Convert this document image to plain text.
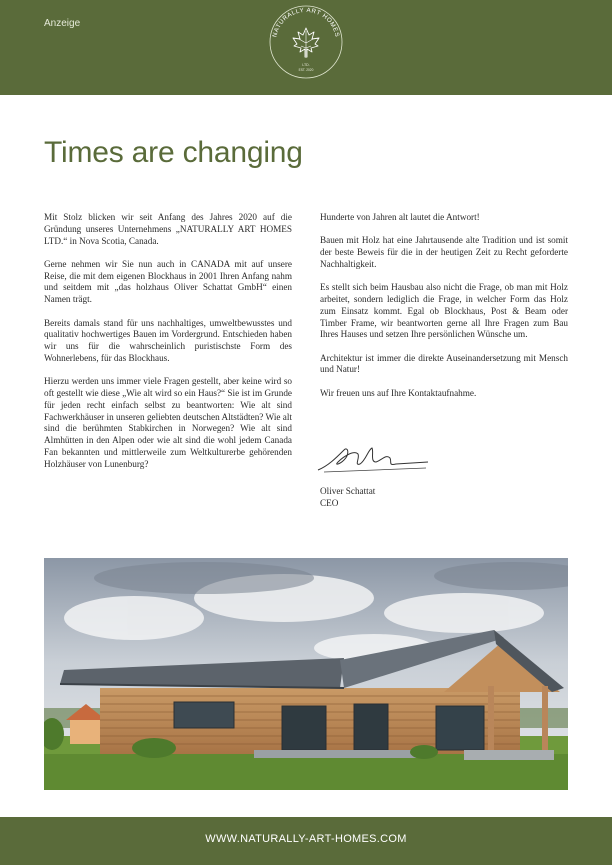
Anzeige
NATURALLY ART HOMES
LTD.
EST. 2020
Times are changing

Mit Stolz blicken wir seit Anfang des Jahres 2020 auf die Gründung unseres Unternehmens „NATURALLY ART HOMES LTD.“ in Nova Scotia, Canada.

Gerne nehmen wir Sie nun auch in CANADA mit auf unsere Reise, die mit dem eigenen Blockhaus in 2001 Ihren Anfang nahm und seitdem mit „das holzhaus Oliver Schattat GmbH“ einen Namen trägt.

Bereits damals stand für uns nachhaltiges, umweltbewusstes und qualitativ hochwertiges Bauen im Vordergrund. Entschieden haben wir uns für die wahrscheinlich puristischste Form des Wohnerlebens, für das Blockhaus.

Hierzu werden uns immer viele Fragen gestellt, aber keine wird so oft gestellt wie diese „Wie alt wird so ein Haus?“ Sie ist im Grunde für jeden recht einfach selbst zu beantworten: Wie alt sind Fachwerkhäuser in unseren geliebten deutschen Altstädten? Wie alt sind die berühmten Stabkirchen in Norwegen? Wie alt sind Almhütten in den Alpen oder wie alt sind die wohl jedem Canada Fan bekannten und mittlerweile zum Weltkulturerbe gehörenden Holzhäuser von Lunenburg?

Hunderte von Jahren alt lautet die Antwort!

Bauen mit Holz hat eine Jahrtausende alte Tradition und ist somit der beste Beweis für die in der heutigen Zeit zu Recht geforderte Nachhaltigkeit.

Es stellt sich beim Hausbau also nicht die Frage, ob man mit Holz arbeitet, sondern lediglich die Frage, in welcher Form das Holz zum Einsatz kommt. Egal ob Blockhaus, Post & Beam oder Timber Frame, wir beantworten gerne all Ihre Fragen zum Bau Ihres Hauses und setzen Ihre persönlichen Wünsche um.

Architektur ist immer die direkte Auseinandersetzung mit Mensch und Natur!

Wir freuen uns auf Ihre Kontaktaufnahme.

Oliver Schattat
CEO
WWW.NATURALLY-ART-HOMES.COM
